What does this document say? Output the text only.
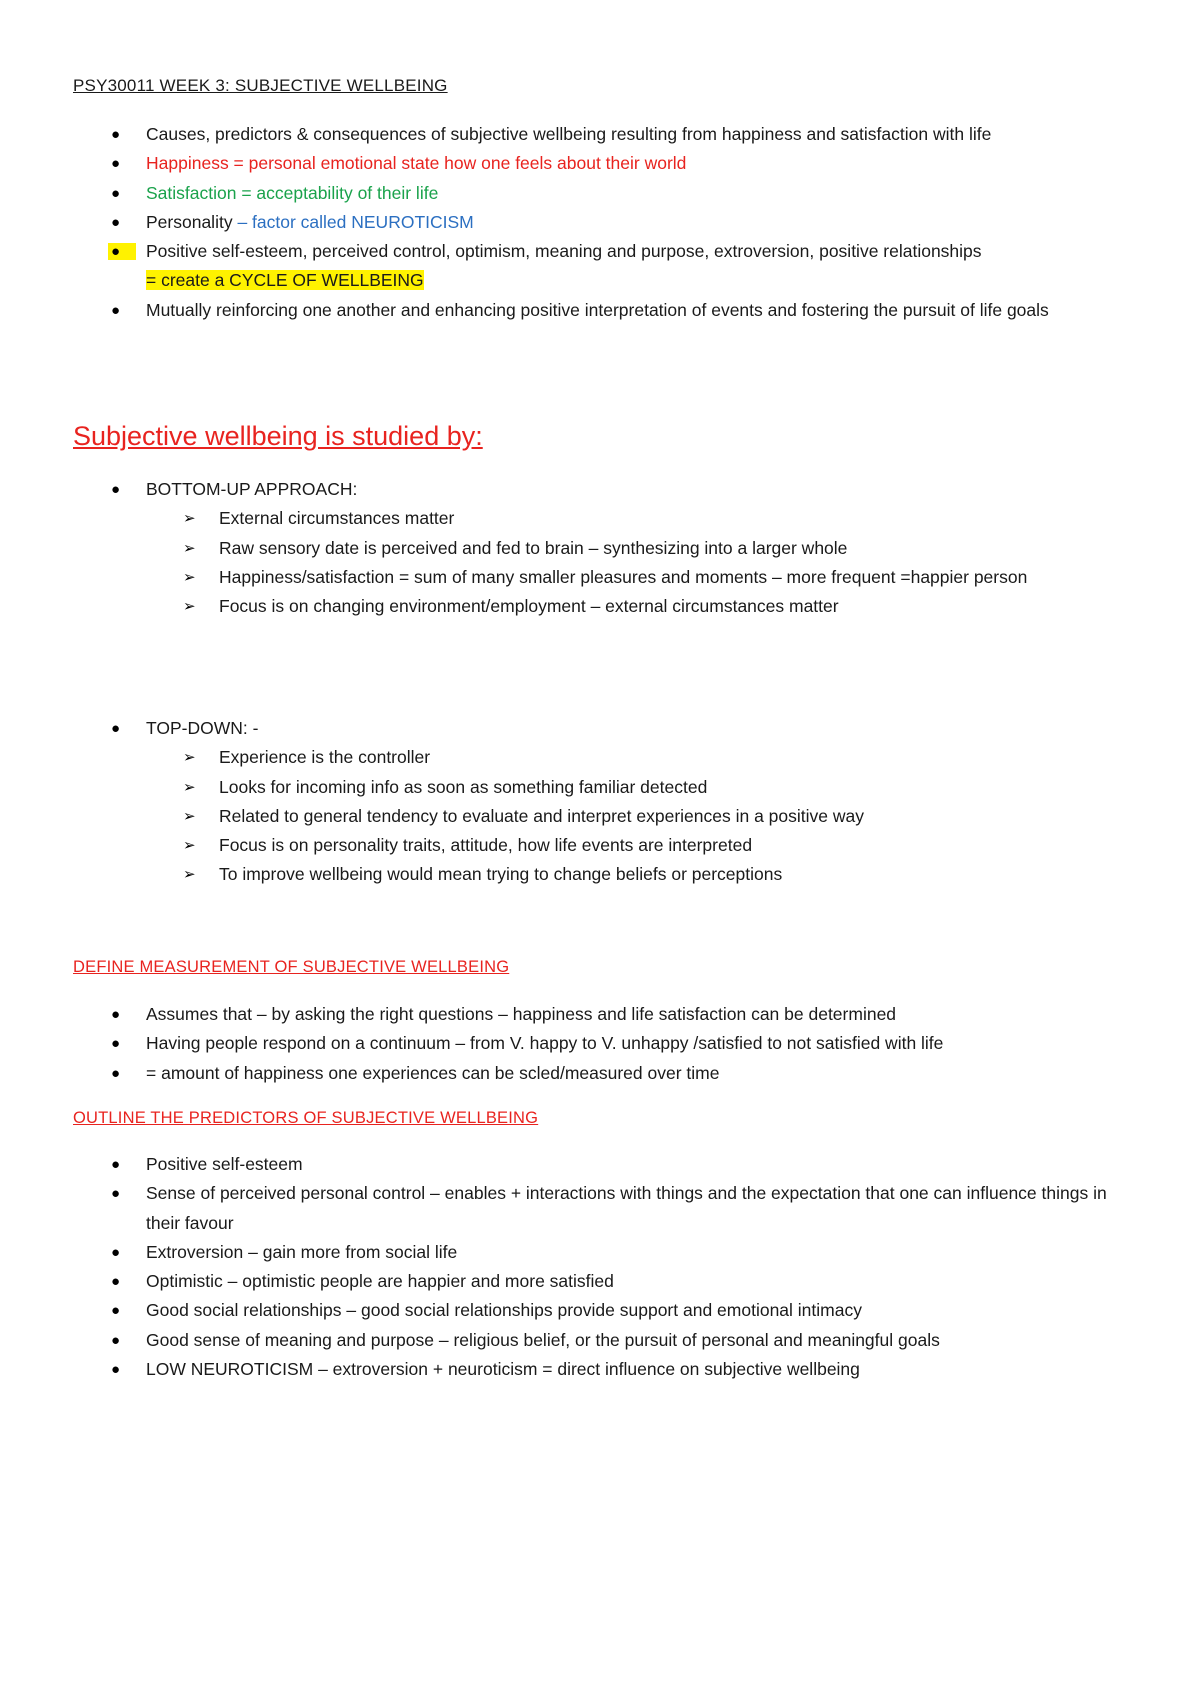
PSY30011 WEEK 3: SUBJECTIVE WELLBEING
● Causes, predictors & consequences of subjective wellbeing resulting from happiness and satisfaction with life
● Happiness = personal emotional state how one feels about their world
● Satisfaction = acceptability of their life
● Personality – factor called NEUROTICISM
●	Positive self-esteem, perceived control, optimism, meaning and purpose, extroversion, positive relationships
= create a CYCLE OF WELLBEING
● Mutually reinforcing one another and enhancing positive interpretation of events and fostering the pursuit of life goals
Subjective wellbeing is studied by:
● BOTTOM-UP APPROACH:
➢ External circumstances matter
➢ Raw sensory date is perceived and fed to brain – synthesizing into a larger whole
➢ Happiness/satisfaction = sum of many smaller pleasures and moments – more frequent =happier person
➢ Focus is on changing environment/employment – external circumstances matter
● TOP-DOWN: -
➢ Experience is the controller
➢ Looks for incoming info as soon as something familiar detected
➢ Related to general tendency to evaluate and interpret experiences in a positive way
➢ Focus is on personality traits, attitude, how life events are interpreted
➢ To improve wellbeing would mean trying to change beliefs or perceptions
DEFINE MEASUREMENT OF SUBJECTIVE WELLBEING
● Assumes that – by asking the right questions – happiness and life satisfaction can be determined
● Having people respond on a continuum – from V. happy to V. unhappy /satisfied to not satisfied with life
● = amount of happiness one experiences can be scled/measured over time
OUTLINE THE PREDICTORS OF SUBJECTIVE WELLBEING
● Positive self-esteem
● Sense of perceived personal control – enables + interactions with things and the expectation that one can influence things in their favour
● Extroversion – gain more from social life
● Optimistic – optimistic people are happier and more satisfied
● Good social relationships – good social relationships provide support and emotional intimacy
● Good sense of meaning and purpose – religious belief, or the pursuit of personal and meaningful goals
● LOW NEUROTICISM – extroversion + neuroticism = direct influence on subjective wellbeing
